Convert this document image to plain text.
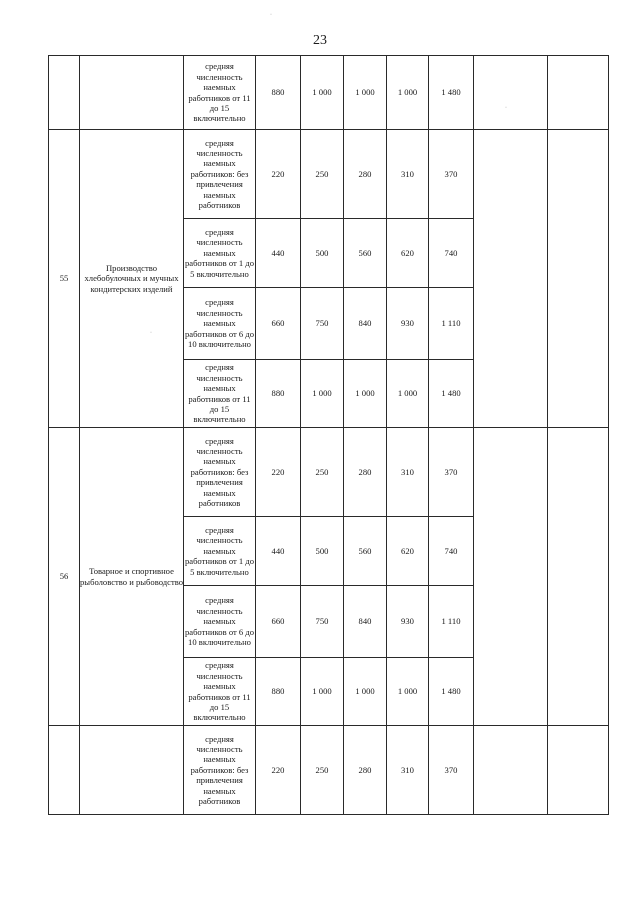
23
		средняя численность наемных работников от 11 до 15 включительно	880	1 000	1 000	1 000	1 480		
55	Производство хлебобулочных и мучных кондитерских изделий	средняя численность наемных работников: без привлечения наемных работников	220	250	280	310	370		
		средняя численность наемных работников от 1 до 5 включительно	440	500	560	620	740		
		средняя численность наемных работников от 6 до 10 включительно	660	750	840	930	1 110		
		средняя численность наемных работников от 11 до 15 включительно	880	1 000	1 000	1 000	1 480		
56	Товарное и спортивное рыболовство и рыбоводство	средняя численность наемных работников: без привлечения наемных работников	220	250	280	310	370		
		средняя численность наемных работников от 1 до 5 включительно	440	500	560	620	740		
		средняя численность наемных работников от 6 до 10 включительно	660	750	840	930	1 110		
		средняя численность наемных работников от 11 до 15 включительно	880	1 000	1 000	1 000	1 480		
		средняя численность наемных работников: без привлечения наемных работников	220	250	280	310	370		
·
·
·
